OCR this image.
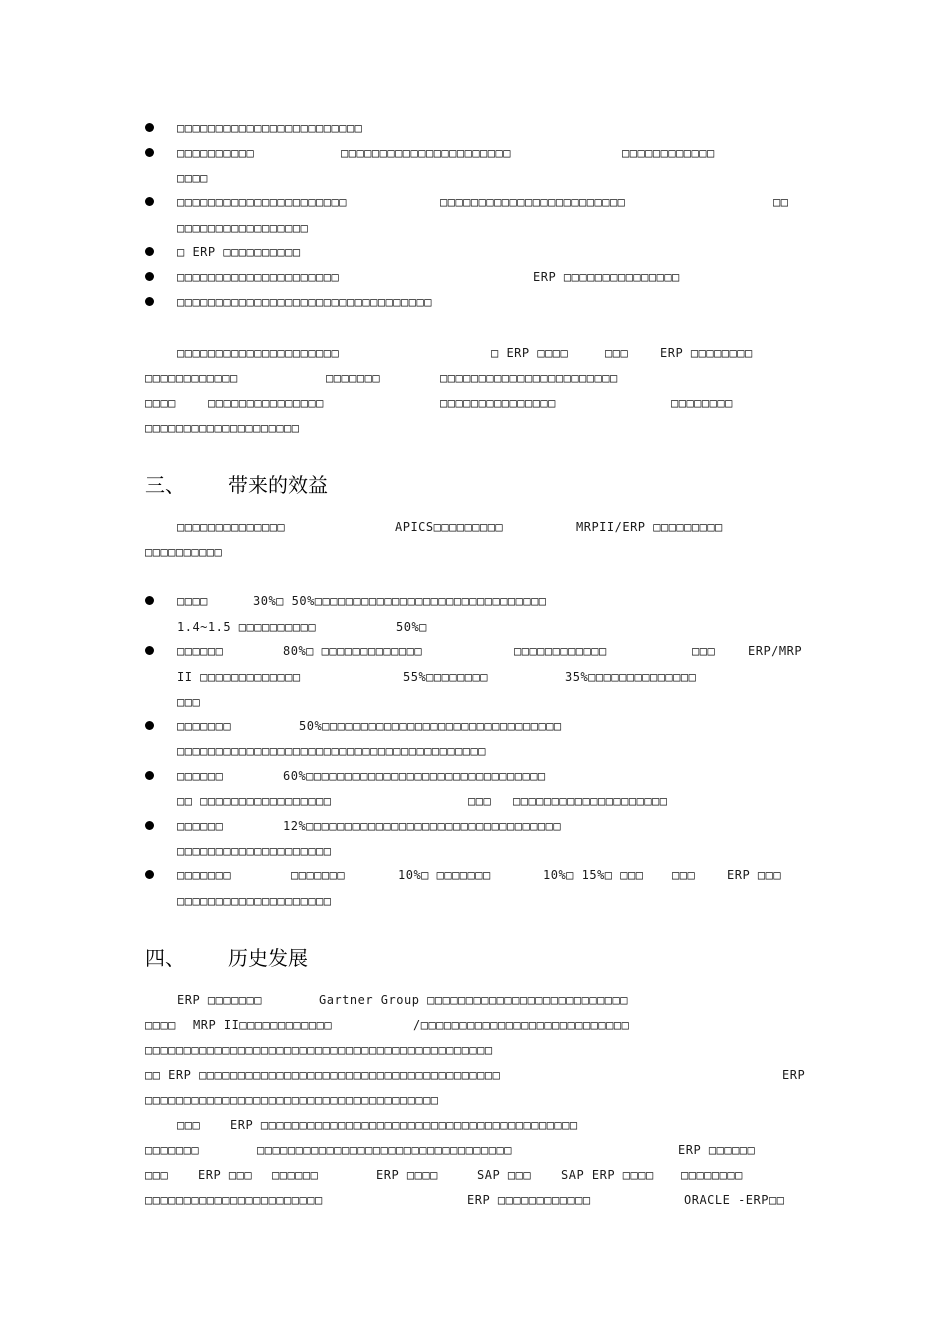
□□□□□□□□□□□□□□□□□□□□□□□□
□□□□□□□□□□	□□□□□□□□□□□□□□□□□□□□□□	□□□□□□□□□□□□
□□□□
□□□□□□□□□□□□□□□□□□□□□□	□□□□□□□□□□□□□□□□□□□□□□□□	□□
□□□□□□□□□□□□□□□□□
□ ERP □□□□□□□□□□
□□□□□□□□□□□□□□□□□□□□□	ERP □□□□□□□□□□□□□□□
□□□□□□□□□□□□□□□□□□□□□□□□□□□□□□□□□
□□□□□□□□□□□□□□□□□□□□□	□ ERP □□□□	□□□	ERP □□□□□□□□
□□□□□□□□□□□□	□□□□□□□	□□□□□□□□□□□□□□□□□□□□□□□
□□□□	□□□□□□□□□□□□□□□	□□□□□□□□□□□□□□□	□□□□□□□□
□□□□□□□□□□□□□□□□□□□□
三、 带来的效益
□□□□□□□□□□□□□□	APICS□□□□□□□□□	MRPII/ERP □□□□□□□□□
□□□□□□□□□□
□□□□	30%□ 50%□□□□□□□□□□□□□□□□□□□□□□□□□□□□□□
1.4~1.5 □□□□□□□□□□	50%□
□□□□□□	80%□ □□□□□□□□□□□□□	□□□□□□□□□□□□	□□□	ERP/MRP
II □□□□□□□□□□□□□	55%□□□□□□□□	35%□□□□□□□□□□□□□□
□□□
□□□□□□□	50%□□□□□□□□□□□□□□□□□□□□□□□□□□□□□□□
□□□□□□□□□□□□□□□□□□□□□□□□□□□□□□□□□□□□□□□□
□□□□□□	60%□□□□□□□□□□□□□□□□□□□□□□□□□□□□□□□
□□ □□□□□□□□□□□□□□□□□	□□□ □□□□□□□□□□□□□□□□□□□□
□□□□□□	12%□□□□□□□□□□□□□□□□□□□□□□□□□□□□□□□□□
□□□□□□□□□□□□□□□□□□□□
□□□□□□□	□□□□□□□	10%□ □□□□□□□	10%□ 15%□ □□□ □□□	ERP □□□
□□□□□□□□□□□□□□□□□□□□
四、 历史发展
ERP □□□□□□□	Gartner Group □□□□□□□□□□□□□□□□□□□□□□□□□□
□□□□ MRP II□□□□□□□□□□□□	/□□□□□□□□□□□□□□□□□□□□□□□□□□□
□□□□□□□□□□□□□□□□□□□□□□□□□□□□□□□□□□□□□□□□□□□□□
□□ ERP □□□□□□□□□□□□□□□□□□□□□□□□□□□□□□□□□□□□□□□	ERP
□□□□□□□□□□□□□□□□□□□□□□□□□□□□□□□□□□□□□□
□□□ ERP □□□□□□□□□□□□□□□□□□□□□□□□□□□□□□□□□□□□□□□□□
□□□□□□□	□□□□□□□□□□□□□□□□□□□□□□□□□□□□□□□□□	ERP □□□□□□
□□□ ERP □□□ □□□□□□	ERP □□□□	SAP □□□ SAP ERP □□□□ □□□□□□□□
□□□□□□□□□□□□□□□□□□□□□□□	ERP □□□□□□□□□□□□	ORACLE -ERP□□
